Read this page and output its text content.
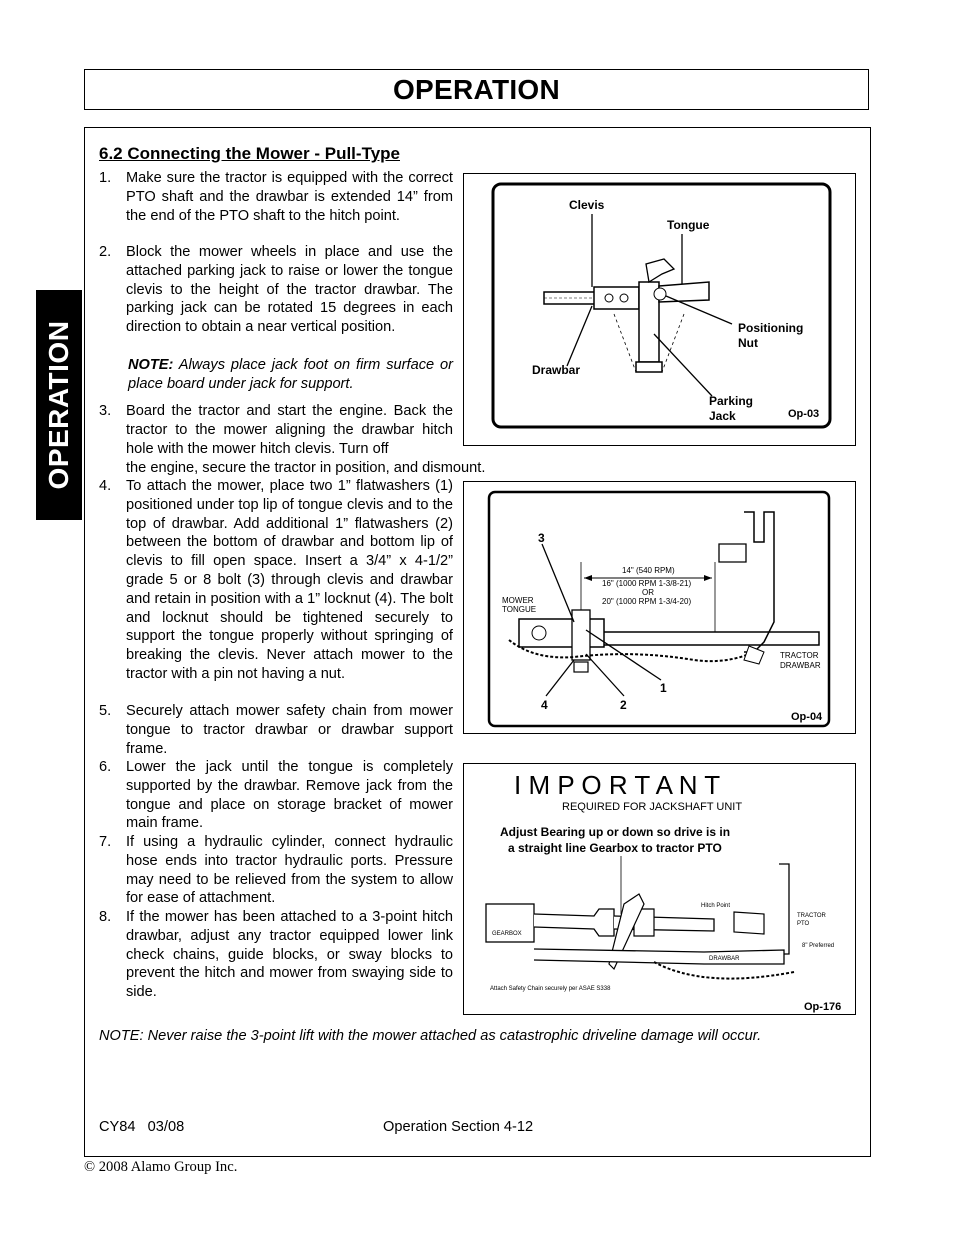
OPERATION
OPERATION
6.2 Connecting the Mower - Pull-Type
1. Make sure the tractor is equipped with the correct PTO shaft and the drawbar is extended 14” from the end of the PTO shaft to the hitch point.
2. Block the mower wheels in place and use the attached parking jack to raise or lower the tongue clevis to the height of the tractor drawbar. The parking jack can be rotated 15 degrees in each direction to obtain a near vertical position.
NOTE: Always place jack foot on firm surface or place board under jack for support.
3. Board the tractor and start the engine. Back the tractor to the mower aligning the drawbar hitch hole with the mower hitch clevis. Turn off
the engine, secure the tractor in position, and dismount.
4. To attach the mower, place two 1” flatwashers (1) positioned under top lip of tongue clevis and to the top of drawbar. Add additional 1” flatwashers (2) between the bottom of drawbar and bottom lip of clevis to fill open space. Insert a 3/4” x 4-1/2” grade 5 or 8 bolt (3) through clevis and drawbar and retain in position with a 1” locknut (4). The bolt and locknut should be tightened securely to support the tongue properly without springing of breaking the clevis. Never attach mower to the tractor with a pin not having a nut.
5. Securely attach mower safety chain from mower tongue to tractor drawbar or drawbar support frame.
6. Lower the jack until the tongue is completely supported by the drawbar. Remove jack from the tongue and place on storage bracket of mower main frame.
7. If using a hydraulic cylinder, connect hydraulic hose ends into tractor hydraulic ports. Pressure may need to be relieved from the system to allow for ease of attachment.
8. If the mower has been attached to a 3-point hitch drawbar, adjust any tractor equipped lower link check chains, guide blocks, or sway blocks to prevent the hitch and mower from swaying side to side.
Clevis
Tongue
Positioning
Nut
Drawbar
Parking
Jack	Op-03
3
14" (540 RPM)
16" (1000 RPM 1-3/8-21)
OR
20" (1000 RPM 1-3/4-20)
MOWER
TONGUE
TRACTOR
DRAWBAR
1
4	2
Op-04
I M P O R T A N T
REQUIRED FOR JACKSHAFT UNIT
Adjust Bearing up or down so drive is in
a straight line Gearbox to tractor PTO
GEARBOX
TRACTOR
PTO
Hitch Point
8" Preferred
DRAWBAR
Attach Safety Chain securely per ASAE S338
Op-176
NOTE: Never raise the 3-point lift with the mower attached as catastrophic driveline damage will occur.
CY84   03/08	Operation Section 4-12
© 2008 Alamo Group Inc.
